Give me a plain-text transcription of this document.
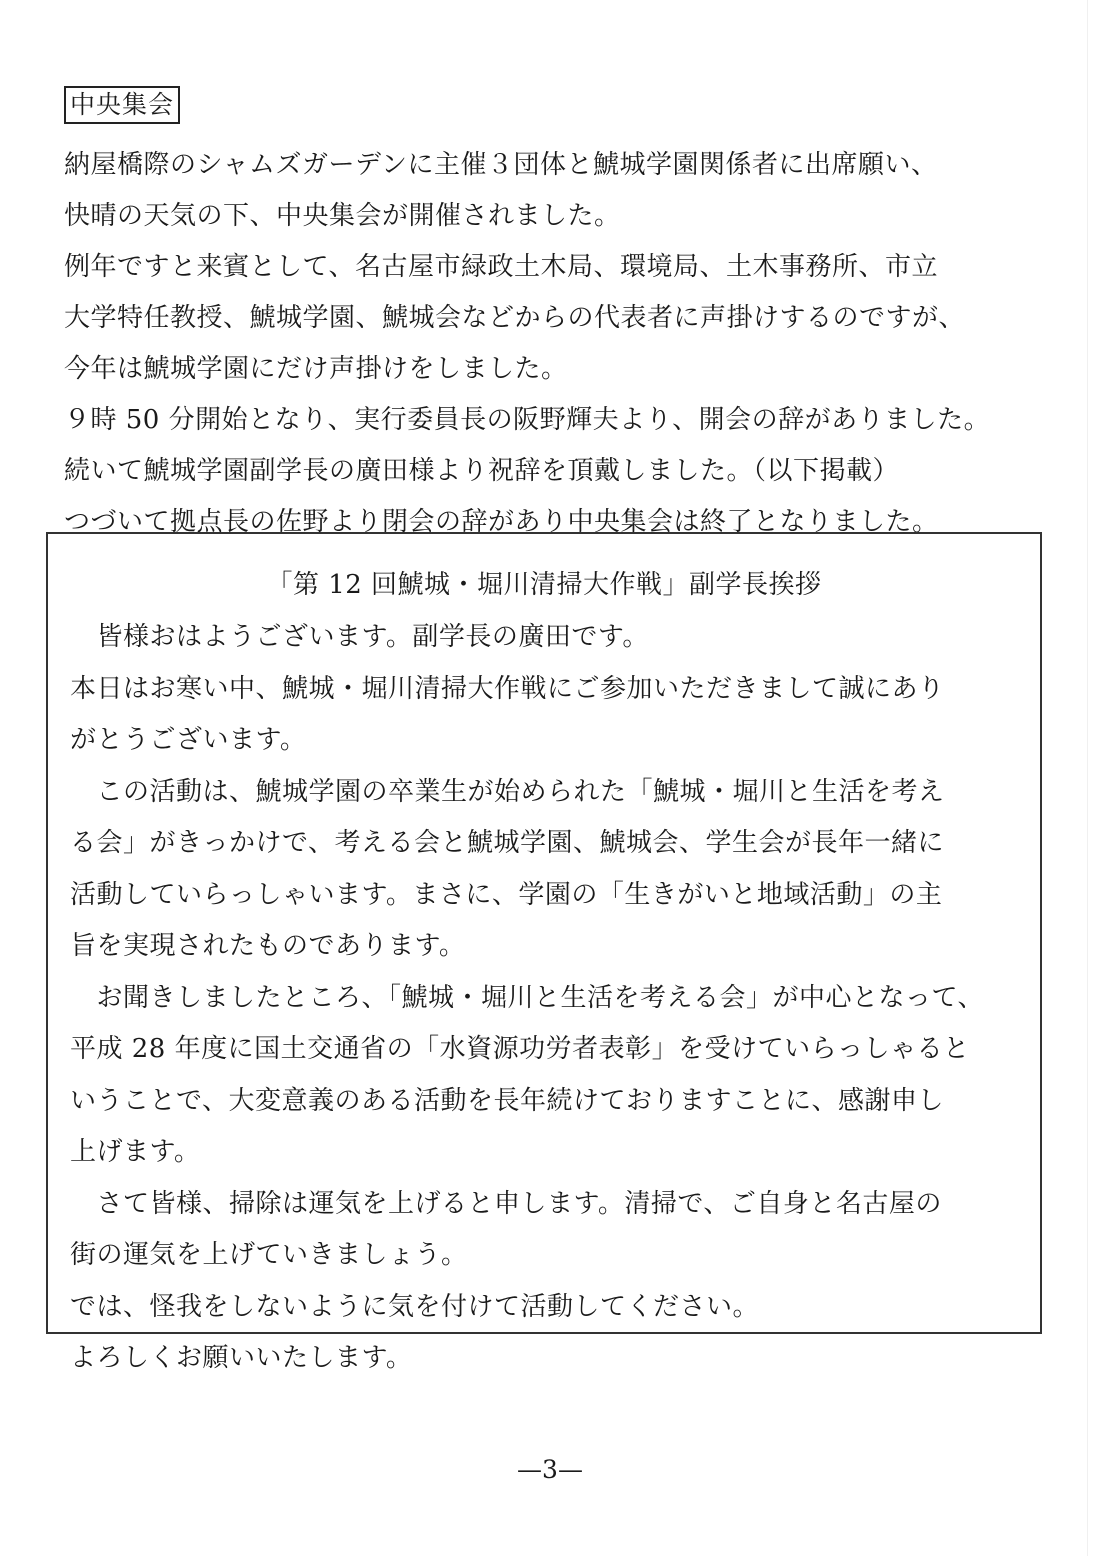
中央集会

納屋橋際のシャムズガーデンに主催３団体と鯱城学園関係者に出席願い、

快晴の天気の下、中央集会が開催されました。

例年ですと来賓として、名古屋市緑政土木局、環境局、土木事務所、市立

大学特任教授、鯱城学園、鯱城会などからの代表者に声掛けするのですが、

今年は鯱城学園にだけ声掛けをしました。

９時 50 分開始となり、実行委員長の阪野輝夫より、開会の辞がありました。

続いて鯱城学園副学長の廣田様より祝辞を頂戴しました。（以下掲載）

つづいて拠点長の佐野より閉会の辞があり中央集会は終了となりました。

「第 12 回鯱城・堀川清掃大作戦」副学長挨拶

　皆様おはようございます。副学長の廣田です。

本日はお寒い中、鯱城・堀川清掃大作戦にご参加いただきまして誠にあり

がとうございます。

　この活動は、鯱城学園の卒業生が始められた「鯱城・堀川と生活を考え

る会」がきっかけで、考える会と鯱城学園、鯱城会、学生会が長年一緒に

活動していらっしゃいます。まさに、学園の「生きがいと地域活動」の主

旨を実現されたものであります。

　お聞きしましたところ、「鯱城・堀川と生活を考える会」が中心となって、

平成 28 年度に国土交通省の「水資源功労者表彰」を受けていらっしゃると

いうことで、大変意義のある活動を長年続けておりますことに、感謝申し

上げます。

　さて皆様、掃除は運気を上げると申します。清掃で、ご自身と名古屋の

街の運気を上げていきましょう。

では、怪我をしないように気を付けて活動してください。

よろしくお願いいたします。

—3—
